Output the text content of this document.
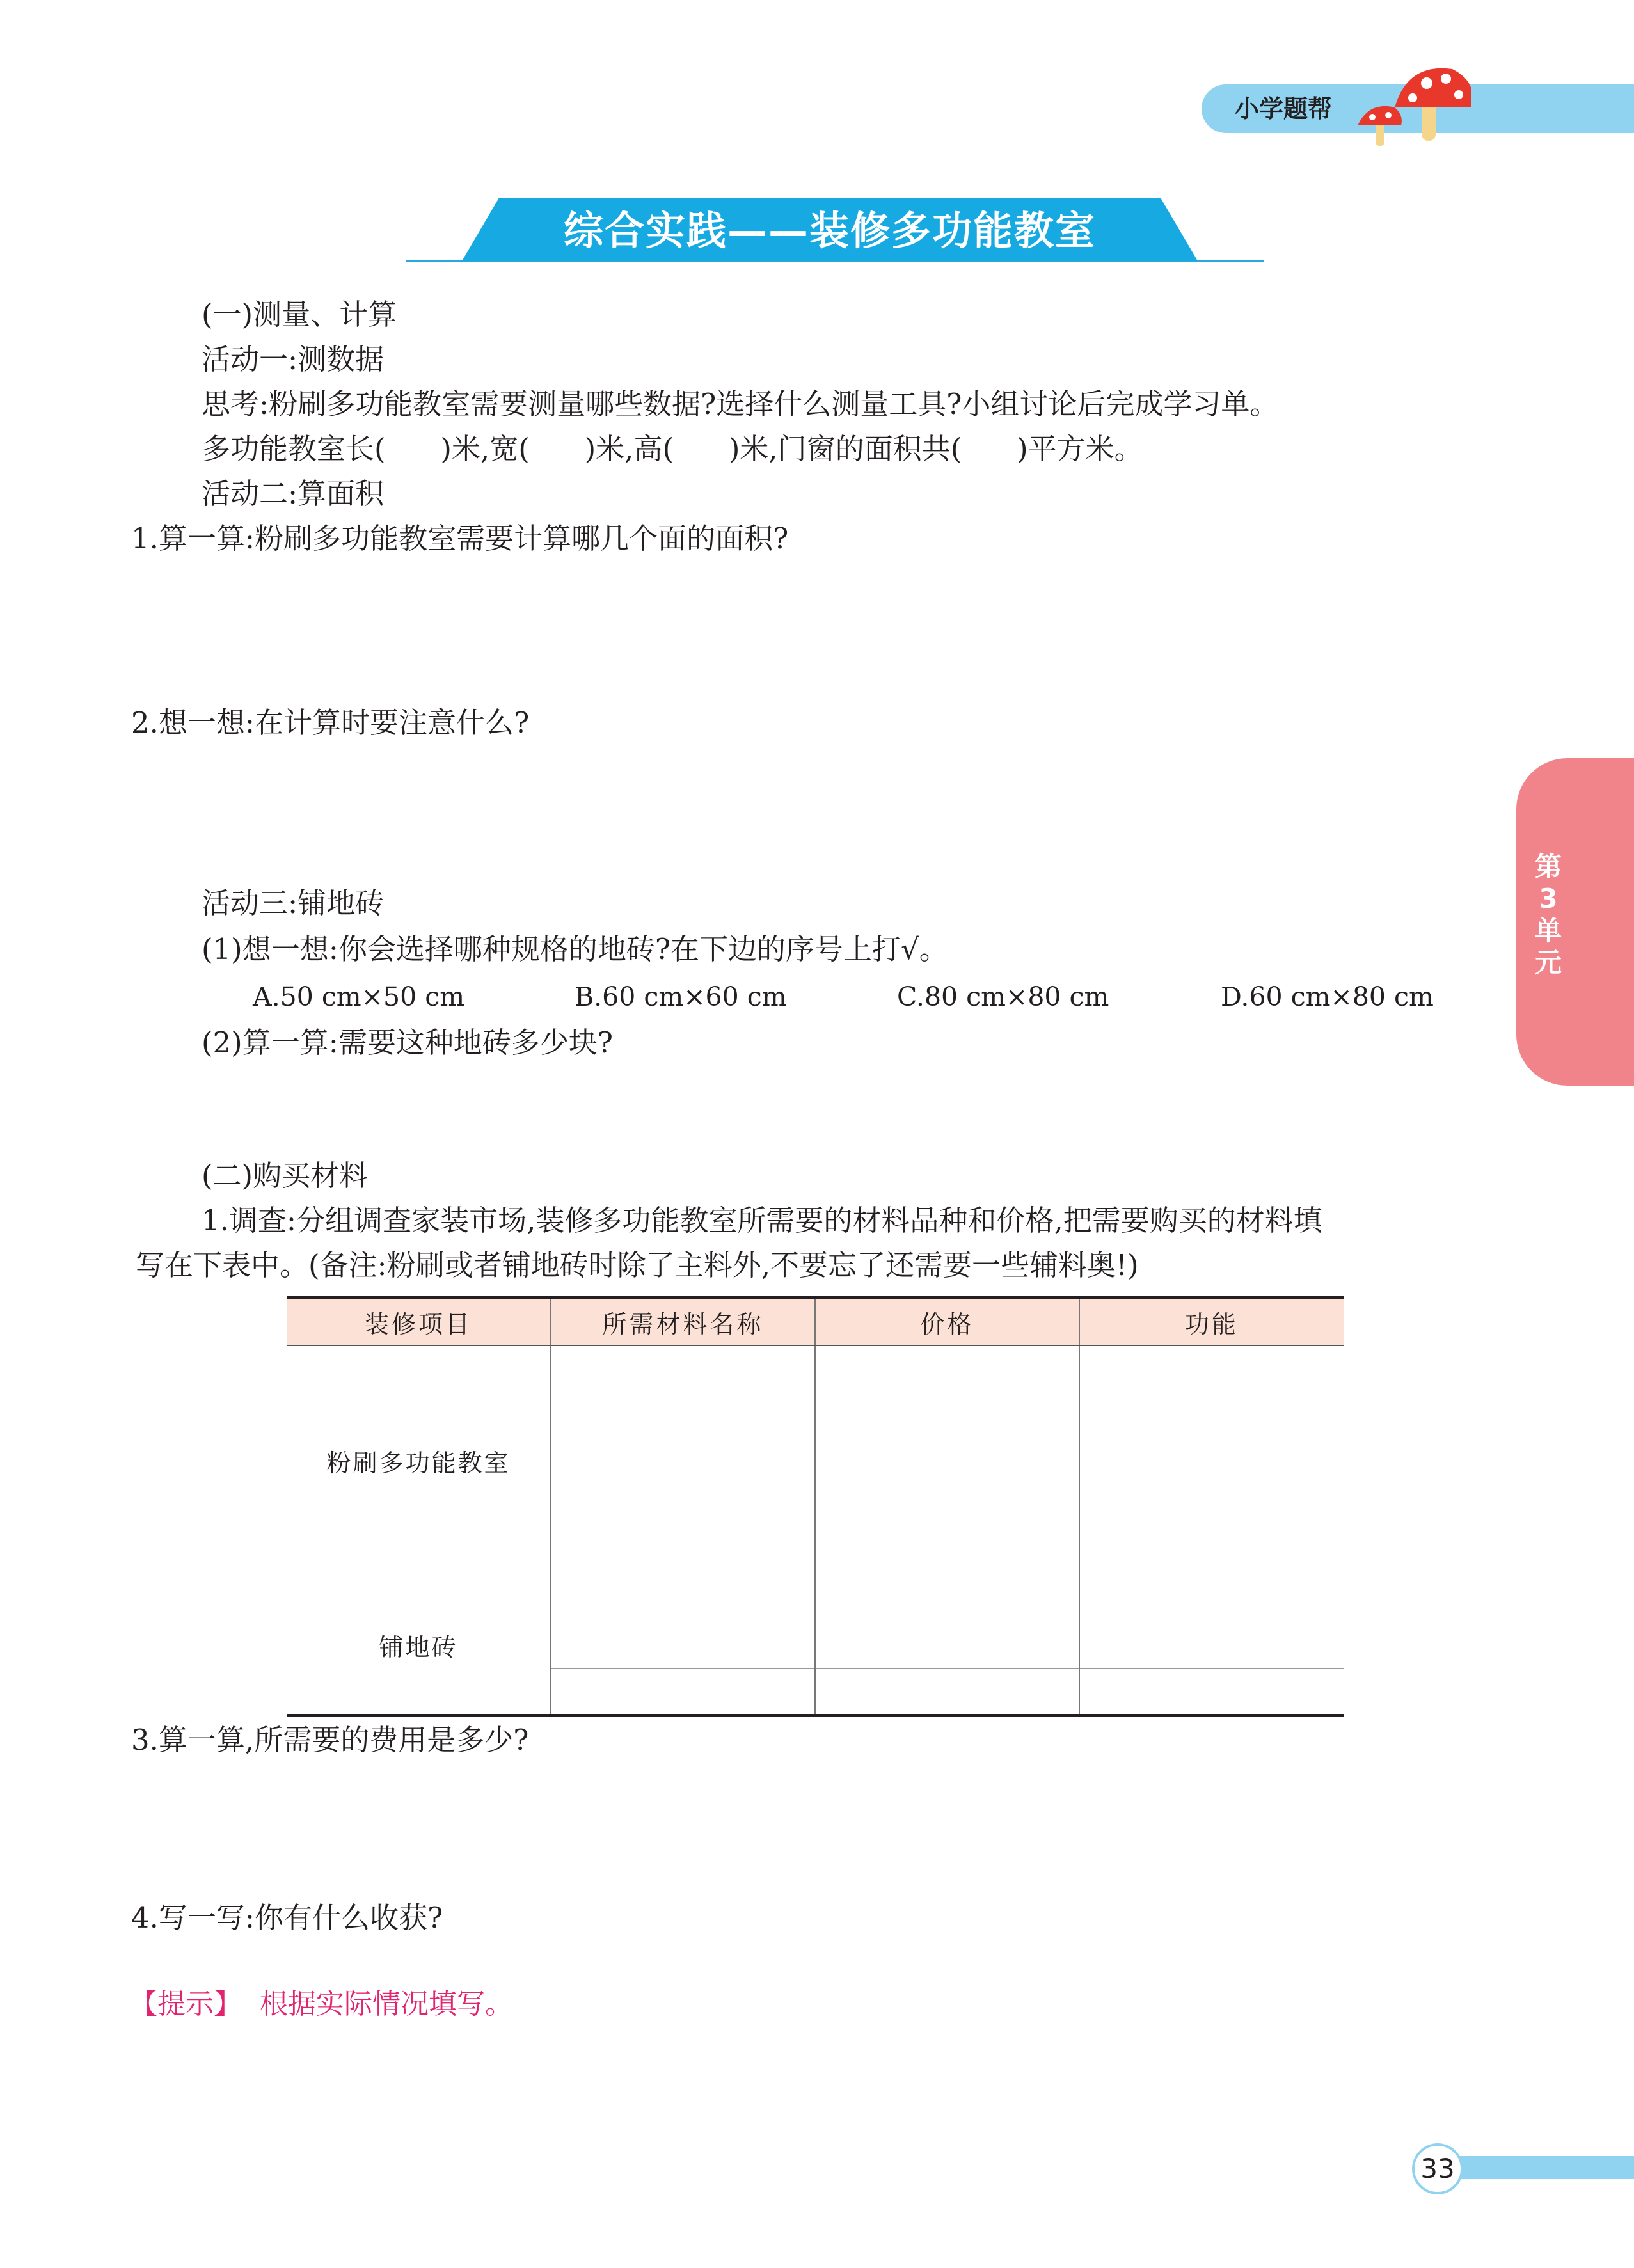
小学题帮
综合实践——装修多功能教室
第
3
单
元
(一)测量、计算
活动一:测数据
思考:粉刷多功能教室需要测量哪些数据?选择什么测量工具?小组讨论后完成学习单。
多功能教室长(      )米,宽(      )米,高(      )米,门窗的面积共(      )平方米。
活动二:算面积
1.算一算:粉刷多功能教室需要计算哪几个面的面积?
2.想一想:在计算时要注意什么?
活动三:铺地砖
(1)想一想:你会选择哪种规格的地砖?在下边的序号上打√。
A.50 cm×50 cm	B.60 cm×60 cm	C.80 cm×80 cm	D.60 cm×80 cm
(2)算一算:需要这种地砖多少块?
(二)购买材料
1.调查:分组调查家装市场,装修多功能教室所需要的材料品种和价格,把需要购买的材料填
写在下表中。(备注:粉刷或者铺地砖时除了主料外,不要忘了还需要一些辅料奥!)
装修项目	所需材料名称	价格	功能
粉刷多功能教室			

铺地砖			

3.算一算,所需要的费用是多少?
4.写一写:你有什么收获?
【提示】 根据实际情况填写。
33
